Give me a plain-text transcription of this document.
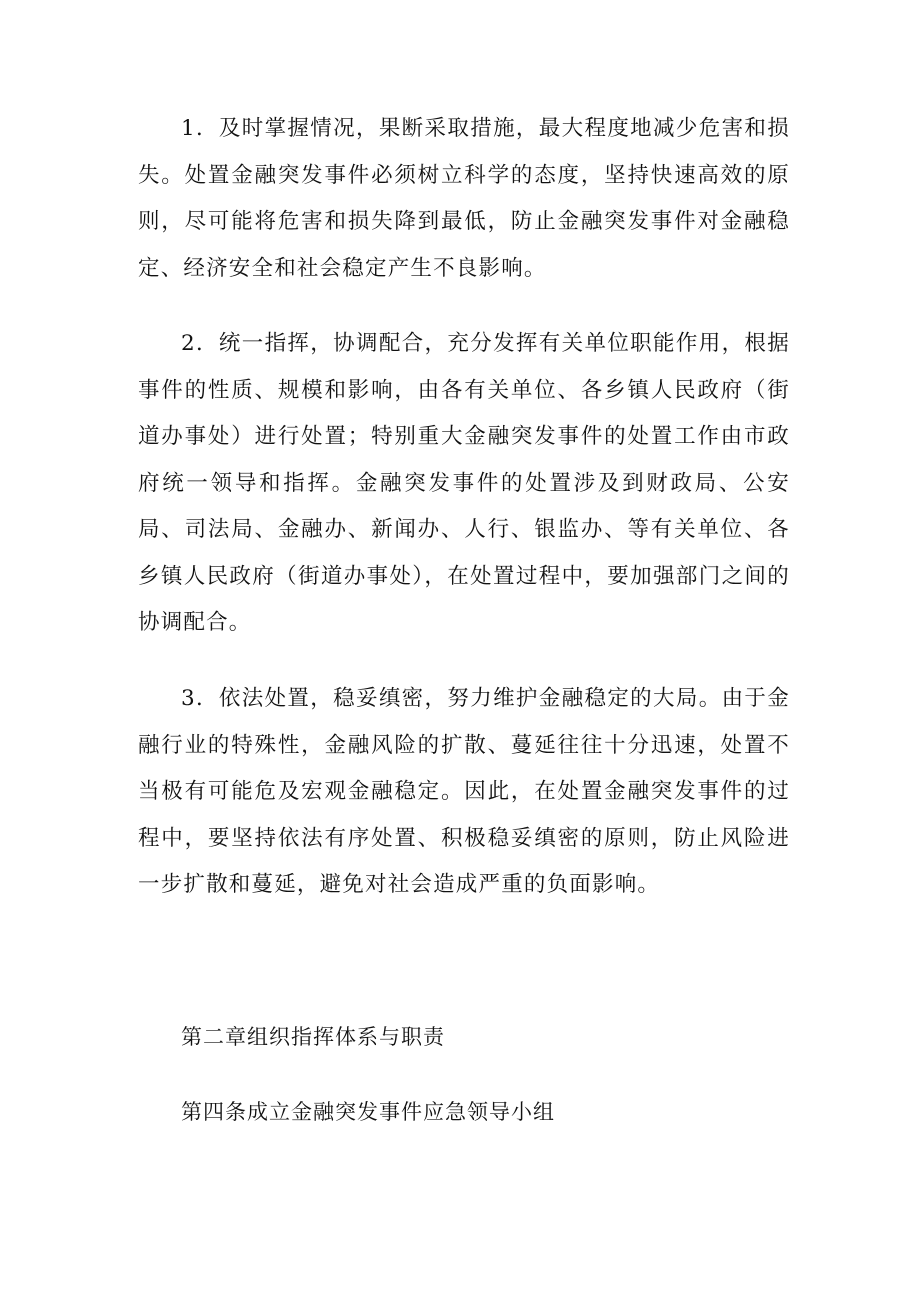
1．及时掌握情况，果断采取措施，最大程度地减少危害和损失。处置金融突发事件必须树立科学的态度，坚持快速高效的原则，尽可能将危害和损失降到最低，防止金融突发事件对金融稳定、经济安全和社会稳定产生不良影响。

2．统一指挥，协调配合，充分发挥有关单位职能作用，根据事件的性质、规模和影响，由各有关单位、各乡镇人民政府（街道办事处）进行处置；特别重大金融突发事件的处置工作由市政府统一领导和指挥。金融突发事件的处置涉及到财政局、公安局、司法局、金融办、新闻办、人行、银监办、等有关单位、各乡镇人民政府（街道办事处），在处置过程中，要加强部门之间的协调配合。

3．依法处置，稳妥缜密，努力维护金融稳定的大局。由于金融行业的特殊性，金融风险的扩散、蔓延往往十分迅速，处置不当极有可能危及宏观金融稳定。因此，在处置金融突发事件的过程中，要坚持依法有序处置、积极稳妥缜密的原则，防止风险进一步扩散和蔓延，避免对社会造成严重的负面影响。

第二章组织指挥体系与职责

第四条成立金融突发事件应急领导小组
